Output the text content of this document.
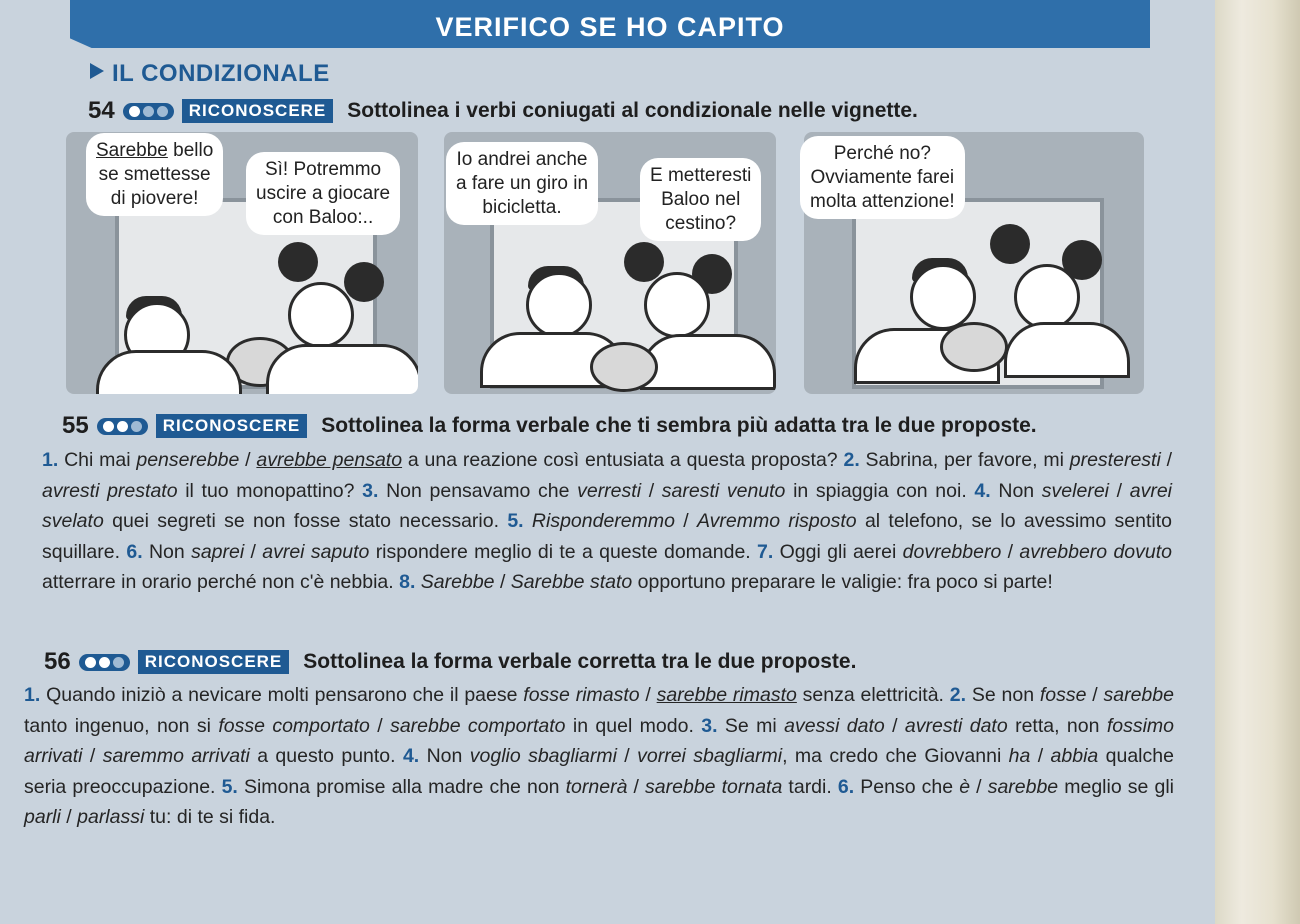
VERIFICO SE HO CAPITO
IL CONDIZIONALE
54	RICONOSCERE	Sottolinea i verbi coniugati al condizionale nelle vignette.
Sarebbe bello
se smettesse
di piovere!
Sì! Potremmo
uscire a giocare
con Baloo:..
Io andrei anche
a fare un giro in
bicicletta.
E metteresti
Baloo nel
cestino?
Perché no?
Ovviamente farei
molta attenzione!
55	RICONOSCERE	Sottolinea la forma verbale che ti sembra più adatta tra le due proposte.

1. Chi mai penserebbe / avrebbe pensato a una reazione così entusiata a questa proposta? 2. Sabrina, per favore, mi presteresti / avresti prestato il tuo monopattino? 3. Non pensavamo che verresti / saresti venuto in spiaggia con noi. 4. Non svelerei / avrei svelato quei segreti se non fosse stato necessario. 5. Risponderemmo / Avremmo risposto al telefono, se lo avessimo sentito squillare. 6. Non saprei / avrei saputo rispondere meglio di te a queste domande. 7. Oggi gli aerei dovrebbero / avrebbero dovuto atterrare in orario perché non c'è nebbia. 8. Sarebbe / Sarebbe stato opportuno preparare le valigie: fra poco si parte!

56	RICONOSCERE	Sottolinea la forma verbale corretta tra le due proposte.

1. Quando iniziò a nevicare molti pensarono che il paese fosse rimasto / sarebbe rimasto senza elettricità. 2. Se non fosse / sarebbe tanto ingenuo, non si fosse comportato / sarebbe comportato in quel modo. 3. Se mi avessi dato / avresti dato retta, non fossimo arrivati / saremmo arrivati a questo punto. 4. Non voglio sbagliarmi / vorrei sbagliarmi, ma credo che Giovanni ha / abbia qualche seria preoccupazione. 5. Simona promise alla madre che non tornerà / sarebbe tornata tardi. 6. Penso che è / sarebbe meglio se gli parli / parlassi tu: di te si fida.
